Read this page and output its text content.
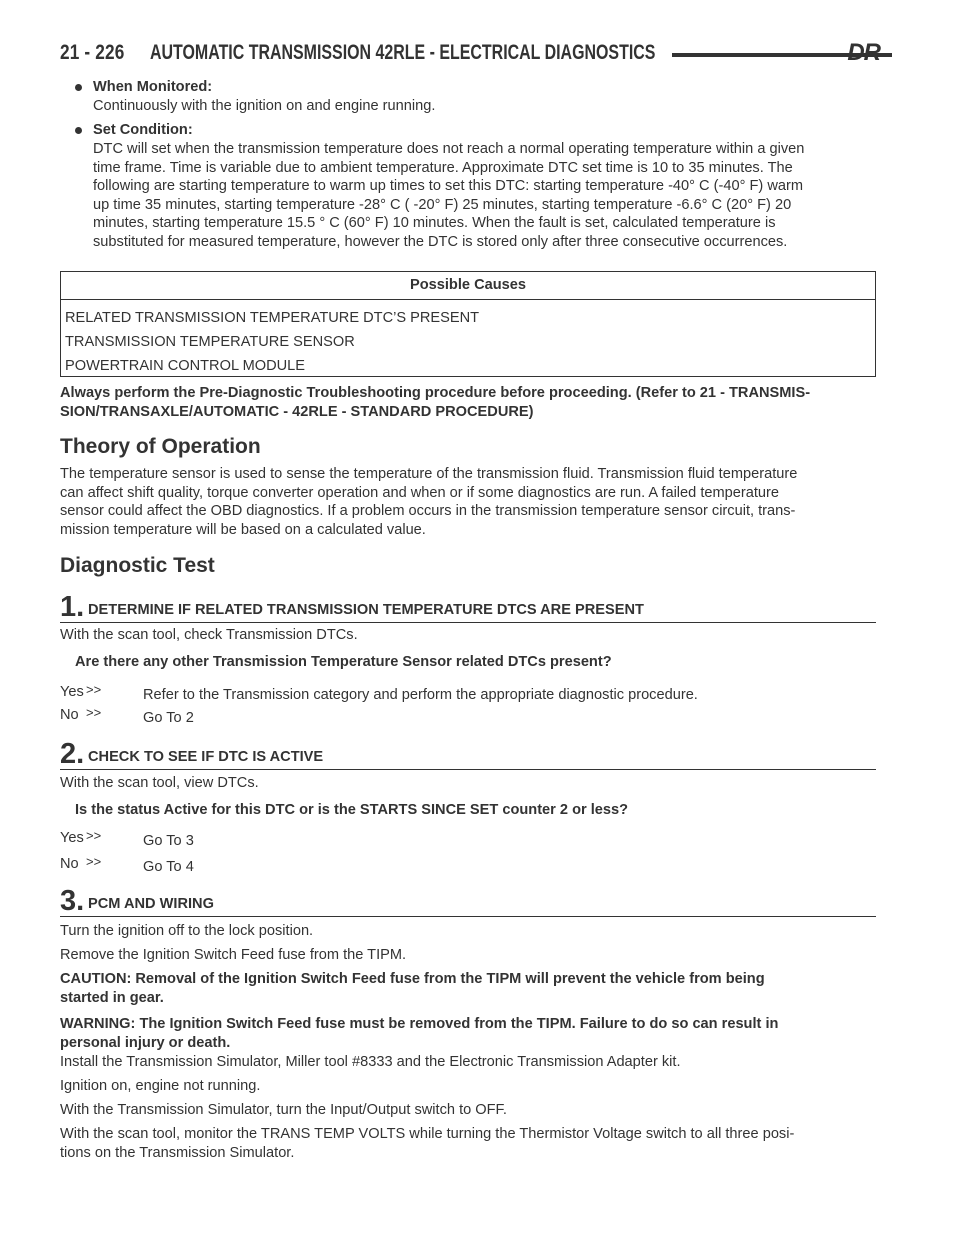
21 - 226 AUTOMATIC TRANSMISSION 42RLE - ELECTRICAL DIAGNOSTICS	DR
When Monitored:
Continuously with the ignition on and engine running.
Set Condition:
DTC will set when the transmission temperature does not reach a normal operating temperature within a given
time frame. Time is variable due to ambient temperature. Approximate DTC set time is 10 to 35 minutes. The
following are starting temperature to warm up times to set this DTC: starting temperature -40° C (-40° F) warm
up time 35 minutes, starting temperature -28° C ( -20° F) 25 minutes, starting temperature -6.6° C (20° F) 20
minutes, starting temperature 15.5 ° C (60° F) 10 minutes. When the fault is set, calculated temperature is
substituted for measured temperature, however the DTC is stored only after three consecutive occurrences.
Possible Causes
RELATED TRANSMISSION TEMPERATURE DTC’S PRESENT
TRANSMISSION TEMPERATURE SENSOR
POWERTRAIN CONTROL MODULE
Always perform the Pre-Diagnostic Troubleshooting procedure before proceeding. (Refer to 21 - TRANSMIS-
SION/TRANSAXLE/AUTOMATIC - 42RLE - STANDARD PROCEDURE)
Theory of Operation
The temperature sensor is used to sense the temperature of the transmission fluid. Transmission fluid temperature
can affect shift quality, torque converter operation and when or if some diagnostics are run. A failed temperature
sensor could affect the OBD diagnostics. If a problem occurs in the transmission temperature sensor circuit, trans-
mission temperature will be based on a calculated value.
Diagnostic Test
1. DETERMINE IF RELATED TRANSMISSION TEMPERATURE DTCS ARE PRESENT
With the scan tool, check Transmission DTCs.
Are there any other Transmission Temperature Sensor related DTCs present?
Yes >>	Refer to the Transmission category and perform the appropriate diagnostic procedure.
No >>	Go To 2
2. CHECK TO SEE IF DTC IS ACTIVE
With the scan tool, view DTCs.
Is the status Active for this DTC or is the STARTS SINCE SET counter 2 or less?
Yes >>	Go To 3
No >>	Go To 4
3. PCM AND WIRING
Turn the ignition off to the lock position.
Remove the Ignition Switch Feed fuse from the TIPM.
CAUTION: Removal of the Ignition Switch Feed fuse from the TIPM will prevent the vehicle from being
started in gear.
WARNING: The Ignition Switch Feed fuse must be removed from the TIPM. Failure to do so can result in
personal injury or death.
Install the Transmission Simulator, Miller tool #8333 and the Electronic Transmission Adapter kit.
Ignition on, engine not running.
With the Transmission Simulator, turn the Input/Output switch to OFF.
With the scan tool, monitor the TRANS TEMP VOLTS while turning the Thermistor Voltage switch to all three posi-
tions on the Transmission Simulator.
